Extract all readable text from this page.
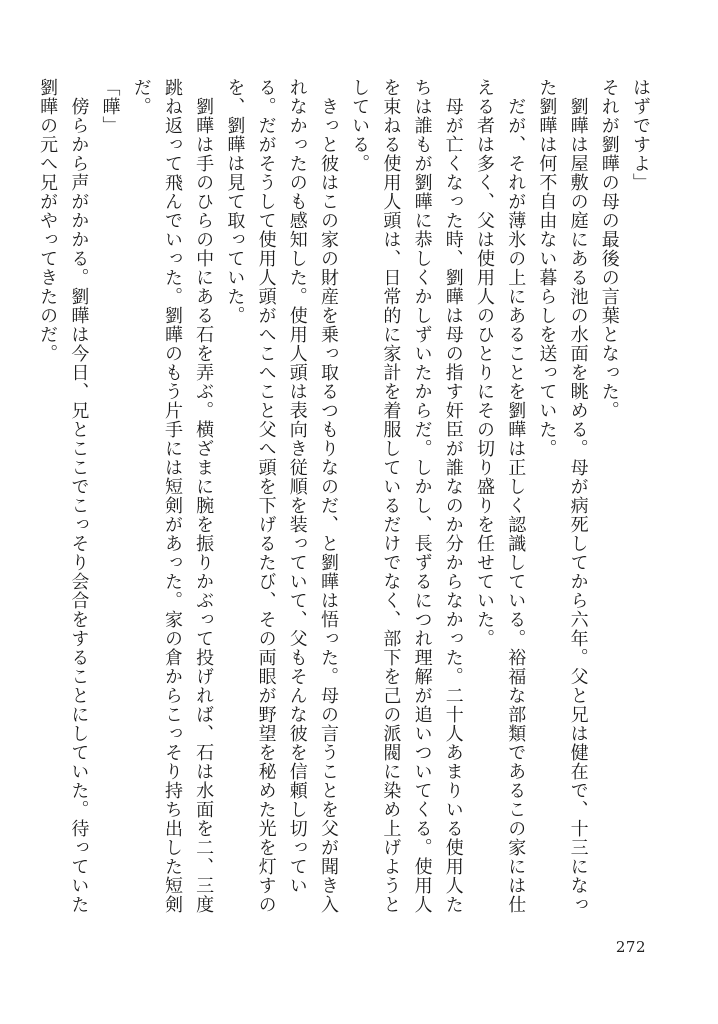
はずですよ」

それが劉曄の母の最後の言葉となった。

　劉曄は屋敷の庭にある池の水面を眺める。母が病死してから六年。父と兄は健在で、十三になった劉曄は何不自由ない暮らしを送っていた。

　だが、それが薄氷の上にあることを劉曄は正しく認識している。裕福な部類であるこの家には仕える者は多く、父は使用人のひとりにその切り盛りを任せていた。

　母が亡くなった時、劉曄は母の指す奸臣が誰なのか分からなかった。二十人あまりいる使用人たちは誰もが劉曄に恭しくかしずいたからだ。しかし、長ずるにつれ理解が追いついてくる。使用人を束ねる使用人頭は、日常的に家計を着服しているだけでなく、部下を己の派閥に染め上げようとしている。

　きっと彼はこの家の財産を乗っ取るつもりなのだ、と劉曄は悟った。母の言うことを父が聞き入れなかったのも感知した。使用人頭は表向き従順を装っていて、父もそんな彼を信頼し切っている。だがそうして使用人頭がへこへこと父へ頭を下げるたび、その両眼が野望を秘めた光を灯すのを、劉曄は見て取っていた。

　劉曄は手のひらの中にある石を弄ぶ。横ざまに腕を振りかぶって投げれば、石は水面を二、三度跳ね返って飛んでいった。劉曄のもう片手には短剣があった。家の倉からこっそり持ち出した短剣だ。

「曄」

　傍らから声がかかる。劉曄は今日、兄とここでこっそり会合をすることにしていた。待っていた劉曄の元へ兄がやってきたのだ。

272
